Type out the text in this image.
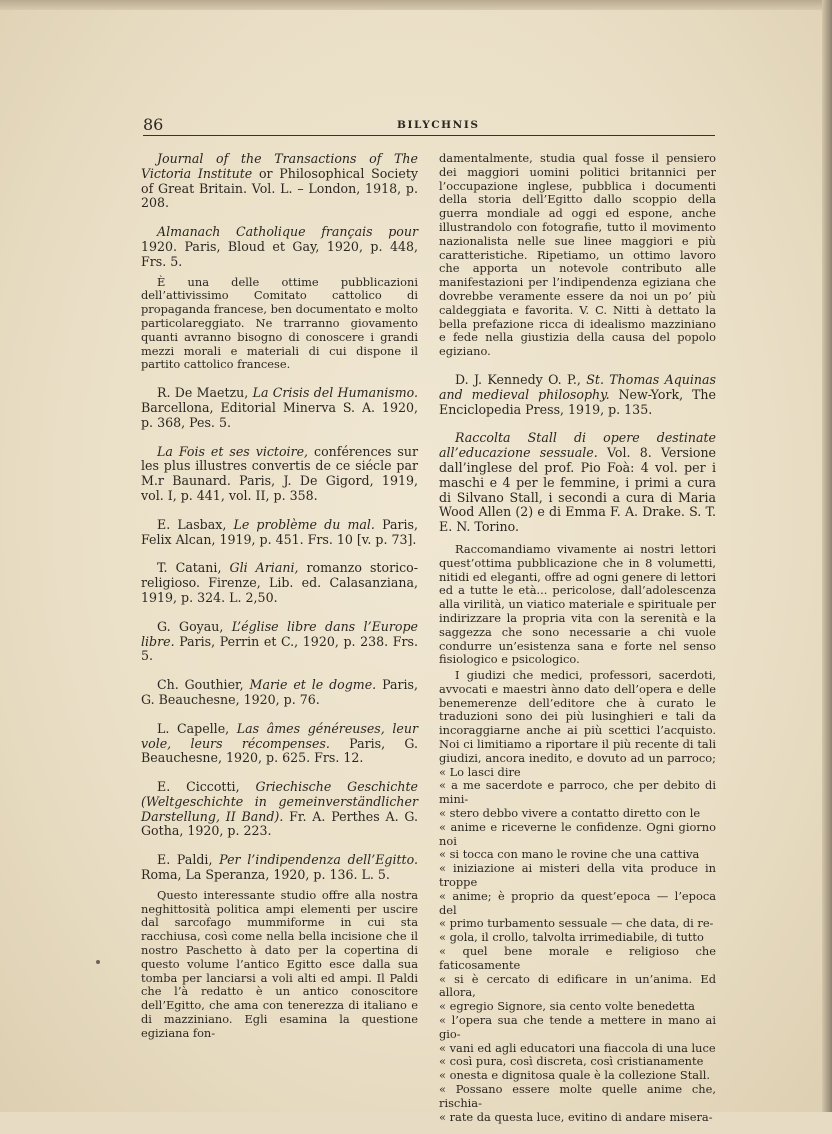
86	BILYCHNIS

Journal of the Transactions of The Victoria Institute or Philosophical Society of Great Britain. Vol. L. – London, 1918, p. 208.

Almanach Catholique français pour 1920. Paris, Bloud et Gay, 1920, p. 448, Frs. 5.

È una delle ottime pubblicazioni dell’attivissimo Comitato cattolico di propaganda francese, ben documentato e molto particolareggiato. Ne trarranno giovamento quanti avranno bisogno di conoscere i grandi mezzi morali e materiali di cui dispone il partito cattolico francese.

R. De Maetzu, La Crisis del Humanismo. Barcellona, Editorial Minerva S. A. 1920, p. 368, Pes. 5.

La Fois et ses victoire, conférences sur les plus illustres convertis de ce siécle par M.r Baunard. Paris, J. De Gigord, 1919, vol. I, p. 441, vol. II, p. 358.

E. Lasbax, Le problème du mal. Paris, Felix Alcan, 1919, p. 451. Frs. 10 [v. p. 73].

T. Catani, Gli Ariani, romanzo storico-religioso. Firenze, Lib. ed. Calasanziana, 1919, p. 324. L. 2,50.

G. Goyau, L’église libre dans l’Europe libre. Paris, Perrin et C., 1920, p. 238. Frs. 5.

Ch. Gouthier, Marie et le dogme. Paris, G. Beauchesne, 1920, p. 76.

L. Capelle, Las âmes généreuses, leur vole, leurs récompenses. Paris, G. Beauchesne, 1920, p. 625. Frs. 12.

E. Ciccotti, Griechische Geschichte (Weltgeschichte in gemeinverständlicher Darstellung, II Band). Fr. A. Perthes A. G. Gotha, 1920, p. 223.

E. Paldi, Per l’indipendenza dell’Egitto. Roma, La Speranza, 1920, p. 136. L. 5.

Questo interessante studio offre alla nostra neghittosità politica ampi elementi per uscire dal sarcofago mummiforme in cui sta racchiusa, così come nella bella incisione che il nostro Paschetto à dato per la copertina di questo volume l’antico Egitto esce dalla sua tomba per lanciarsi a voli alti ed ampi. Il Paldi che l’à redatto è un antico conoscitore dell’Egitto, che ama con tenerezza di italiano e di mazziniano. Egli esamina la questione egiziana fon-

damentalmente, studia qual fosse il pensiero dei maggiori uomini politici britannici per l’occupazione inglese, pubblica i documenti della storia dell’Egitto dallo scoppio della guerra mondiale ad oggi ed espone, anche illustrandolo con fotografie, tutto il movimento nazionalista nelle sue linee maggiori e più caratteristiche. Ripetiamo, un ottimo lavoro che apporta un notevole contributo alle manifestazioni per l’indipendenza egiziana che dovrebbe veramente essere da noi un po’ più caldeggiata e favorita. V. C. Nitti à dettato la bella prefazione ricca di idealismo mazziniano e fede nella giustizia della causa del popolo egiziano.

D. J. Kennedy O. P., St. Thomas Aquinas and medieval philosophy. New-York, The Enciclopedia Press, 1919, p. 135.

Raccolta Stall di opere destinate all’educazione sessuale. Vol. 8. Versione dall’inglese del prof. Pio Foà: 4 vol. per i maschi e 4 per le femmine, i primi a cura di Silvano Stall, i secondi a cura di Maria Wood Allen (2) e di Emma F. A. Drake. S. T. E. N. Torino.

Raccomandiamo vivamente ai nostri lettori quest’ottima pubblicazione che in 8 volumetti, nitidi ed eleganti, offre ad ogni genere di lettori ed a tutte le età... pericolose, dall’adolescenza alla virilità, un viatico materiale e spirituale per indirizzare la propria vita con la serenità e la saggezza che sono necessarie a chi vuole condurre un’esistenza sana e forte nel senso fisiologico e psicologico.

I giudizi che medici, professori, sacerdoti, avvocati e maestri ànno dato dell’opera e delle benemerenze dell’editore che à curato le traduzioni sono dei più lusinghieri e tali da incoraggiarne anche ai più scettici l’acquisto. Noi ci limitiamo a riportare il più recente di tali giudizi, ancora inedito, e dovuto ad un parroco; « Lo lasci dire

« a me sacerdote e parroco, che per debito di mini-
« stero debbo vivere a contatto diretto con le
« anime e riceverne le confidenze. Ogni giorno noi
« si tocca con mano le rovine che una cattiva
« iniziazione ai misteri della vita produce in troppe
« anime; è proprio da quest’epoca — l’epoca del
« primo turbamento sessuale — che data, di re-
« gola, il crollo, talvolta irrimediabile, di tutto
« quel bene morale e religioso che faticosamente
« si è cercato di edificare in un’anima. Ed allora,
« egregio Signore, sia cento volte benedetta
« l’opera sua che tende a mettere in mano ai gio-
« vani ed agli educatori una fiaccola di una luce
« così pura, così discreta, così cristianamente
« onesta e dignitosa quale è la collezione Stall.
« Possano essere molte quelle anime che, rischia-
« rate da questa luce, evitino di andare misera-
